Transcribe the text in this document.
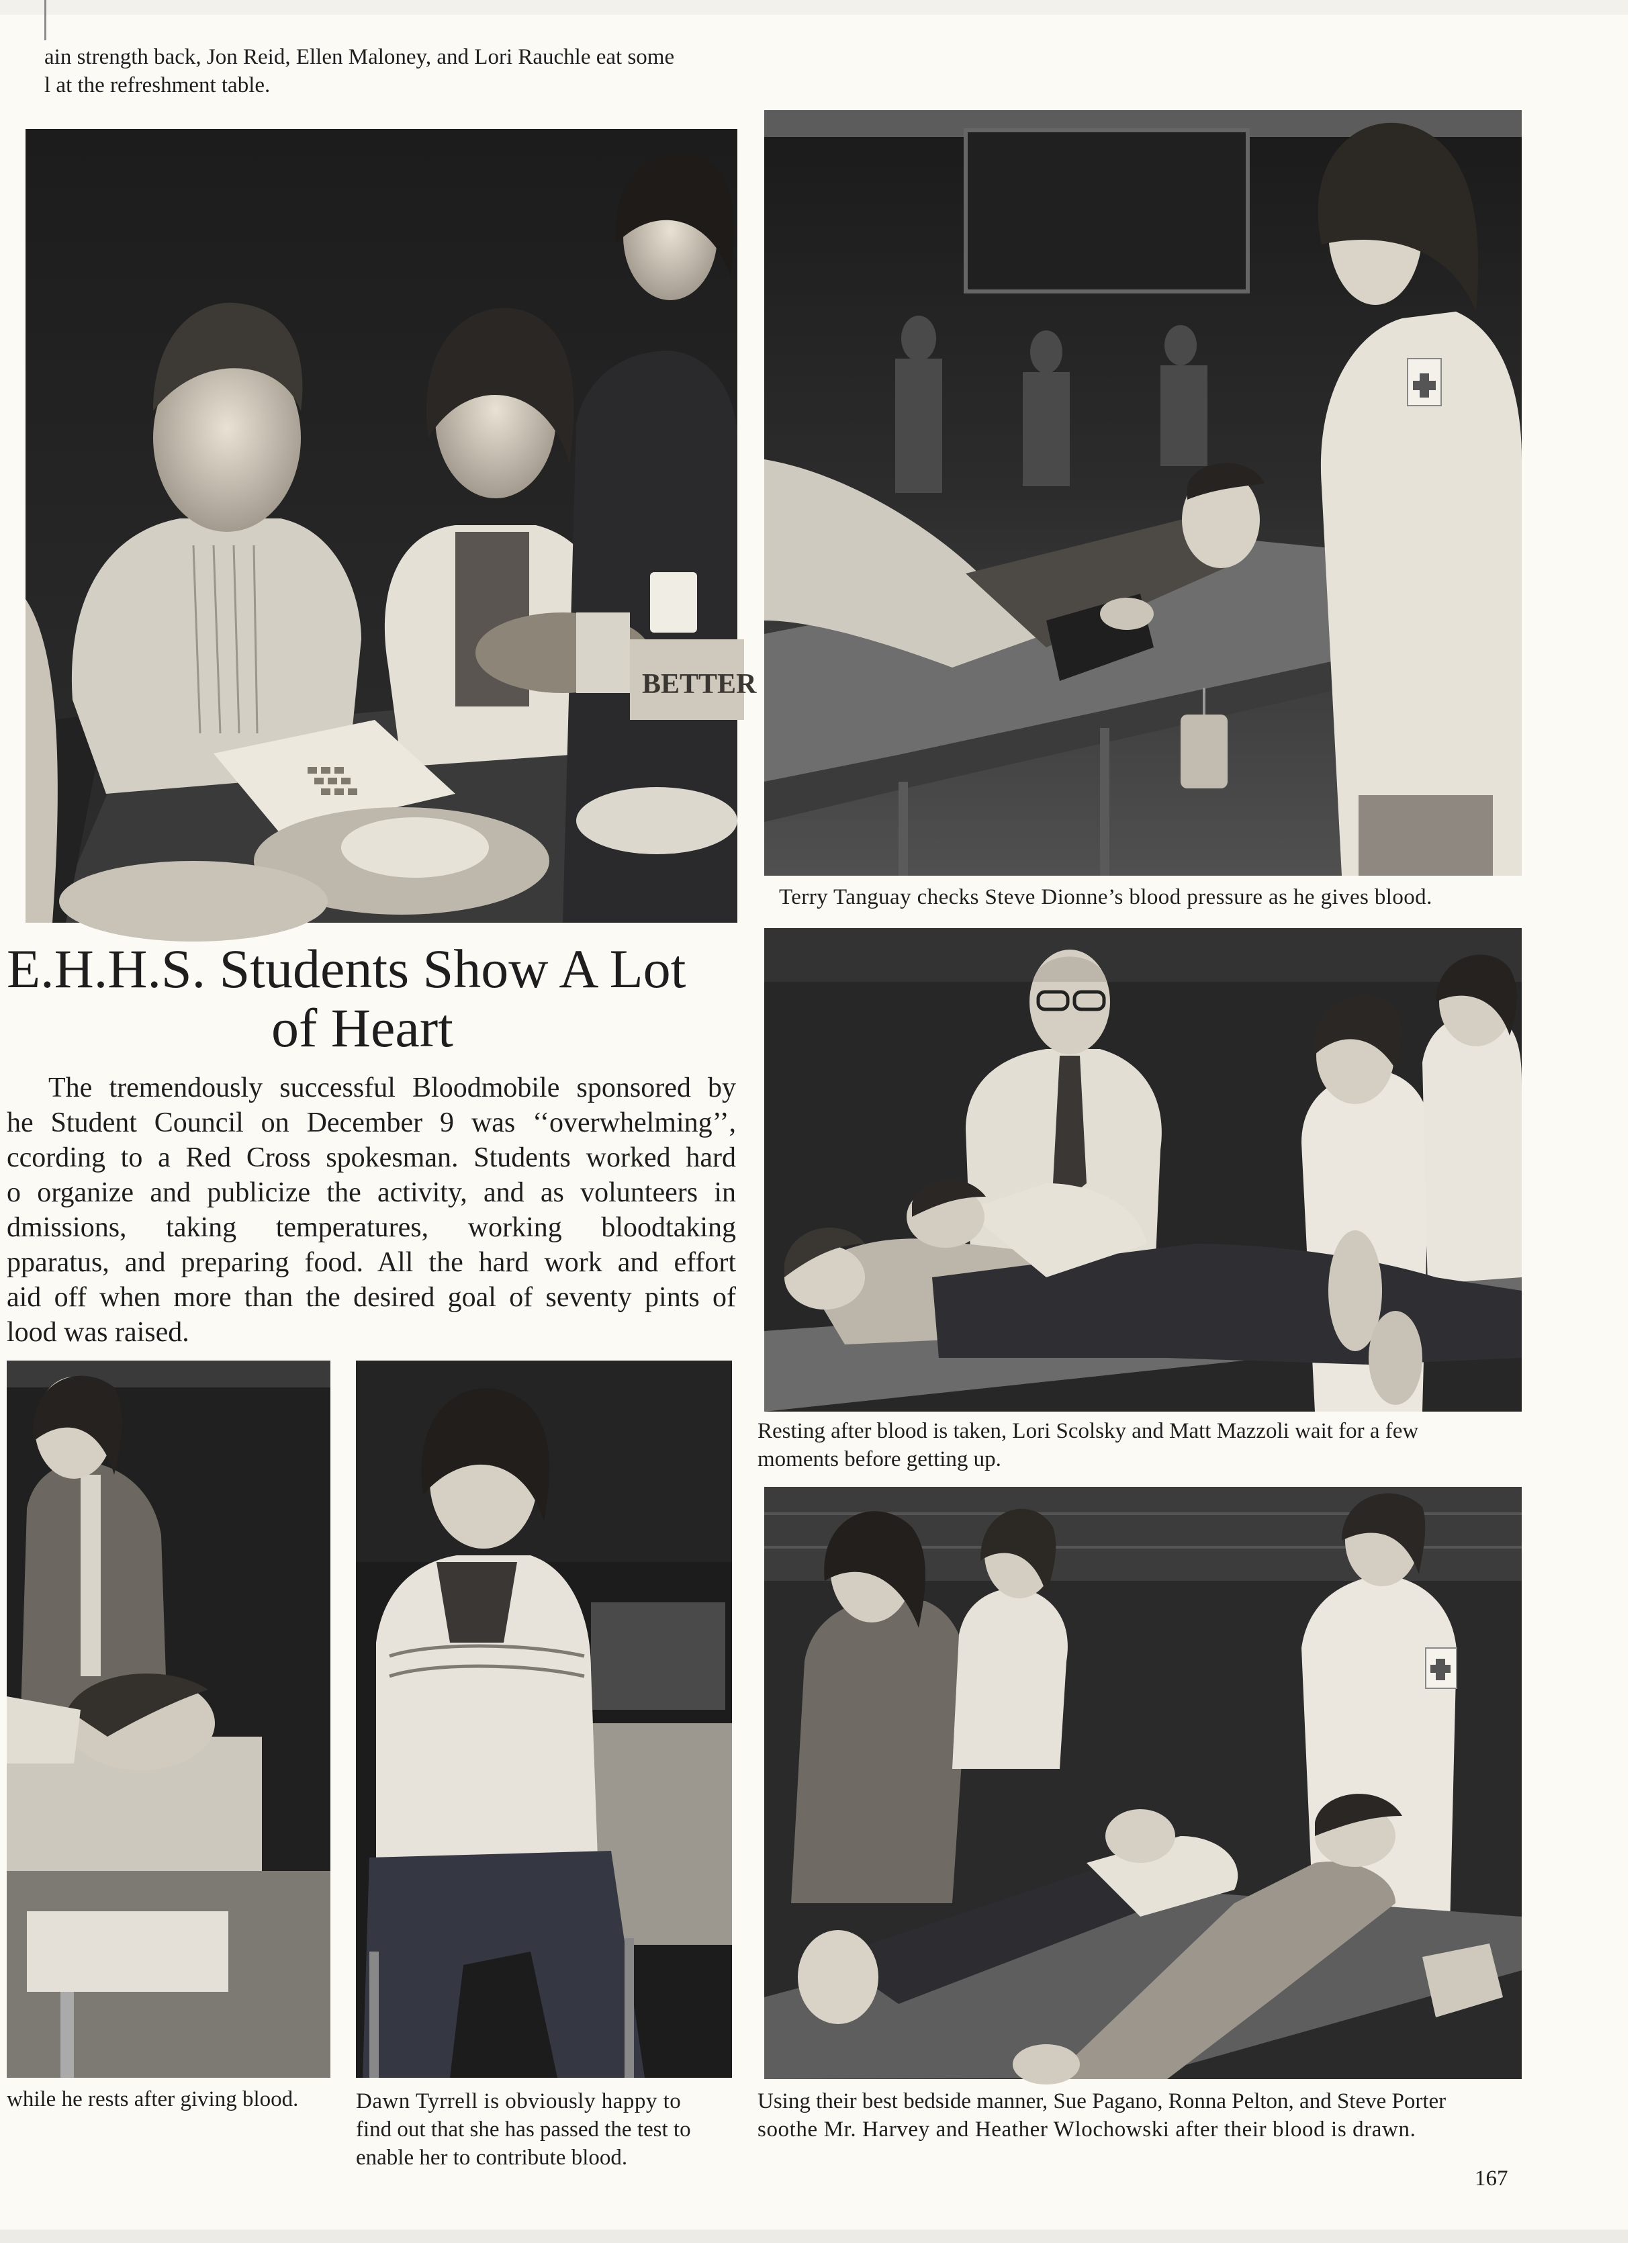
ain strength back, Jon Reid, Ellen Maloney, and Lori Rauchle eat some
l at the refreshment table.
BETTER
Terry Tanguay checks Steve Dionne’s blood pressure as he gives blood.
E.H.H.S. Students Show A Lot
of Heart
The tremendously successful Bloodmobile sponsored by
he Student Council on December 9 was ‘‘overwhelming’’,
ccording to a Red Cross spokesman. Students worked hard
o organize and publicize the activity, and as volunteers in
dmissions, taking temperatures, working bloodtaking
pparatus, and preparing food. All the hard work and effort
aid off when more than the desired goal of seventy pints of
lood was raised.
Resting after blood is taken, Lori Scolsky and Matt Mazzoli wait for a few
moments before getting up.
while he rests after giving blood.	Dawn Tyrrell is obviously happy to
find out that she has passed the test to
enable her to contribute blood.
Using their best bedside manner, Sue Pagano, Ronna Pelton, and Steve Porter
soothe Mr. Harvey and Heather Wlochowski after their blood is drawn.
167
